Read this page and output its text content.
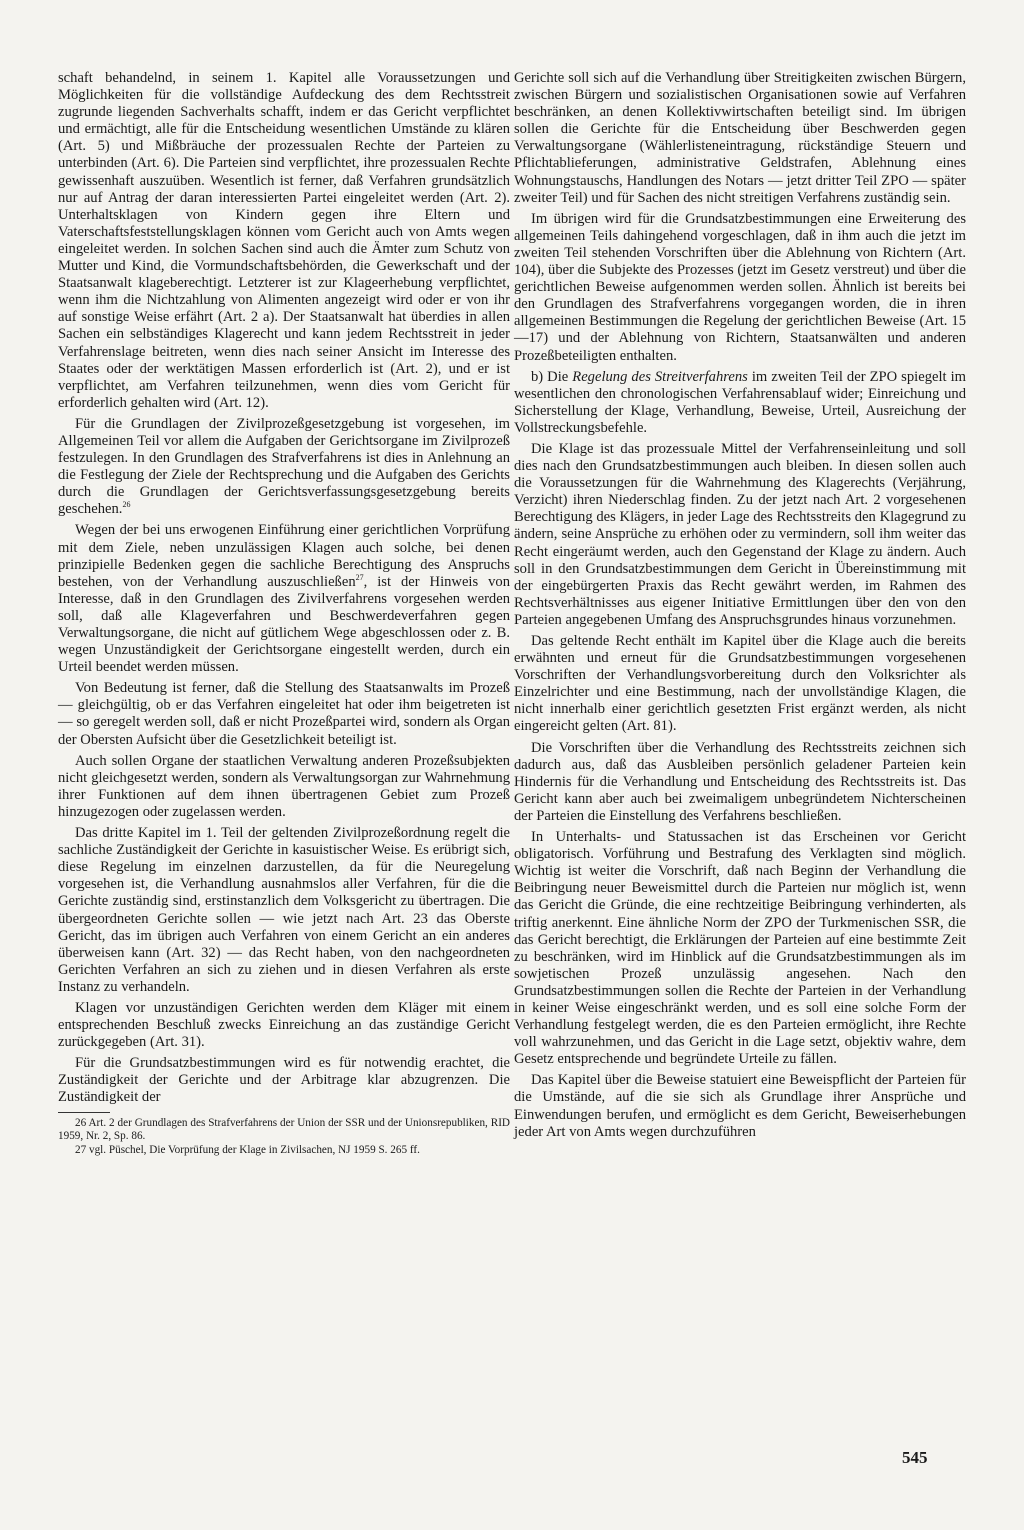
schaft behandelnd, in seinem 1. Kapitel alle Voraussetzungen und Möglichkeiten für die vollständige Aufdeckung des dem Rechtsstreit zugrunde liegenden Sachverhalts schafft, indem er das Gericht verpflichtet und ermächtigt, alle für die Entscheidung wesentlichen Umstände zu klären (Art. 5) und Mißbräuche der prozessualen Rechte der Parteien zu unterbinden (Art. 6). Die Parteien sind verpflichtet, ihre prozessualen Rechte gewissenhaft auszuüben. Wesentlich ist ferner, daß Verfahren grundsätzlich nur auf Antrag der daran interessierten Partei eingeleitet werden (Art. 2). Unterhaltsklagen von Kindern gegen ihre Eltern und Vaterschaftsfeststellungsklagen können vom Gericht auch von Amts wegen eingeleitet werden. In solchen Sachen sind auch die Ämter zum Schutz von Mutter und Kind, die Vormundschaftsbehörden, die Gewerkschaft und der Staatsanwalt klageberechtigt. Letzterer ist zur Klageerhebung verpflichtet, wenn ihm die Nichtzahlung von Alimenten angezeigt wird oder er von ihr auf sonstige Weise erfährt (Art. 2 a). Der Staatsanwalt hat überdies in allen Sachen ein selbständiges Klagerecht und kann jedem Rechtsstreit in jeder Verfahrenslage beitreten, wenn dies nach seiner Ansicht im Interesse des Staates oder der werktätigen Massen erforderlich ist (Art. 2), und er ist verpflichtet, am Verfahren teilzunehmen, wenn dies vom Gericht für erforderlich gehalten wird (Art. 12).

Für die Grundlagen der Zivilprozeßgesetzgebung ist vorgesehen, im Allgemeinen Teil vor allem die Aufgaben der Gerichtsorgane im Zivilprozeß festzulegen. In den Grundlagen des Strafverfahrens ist dies in Anlehnung an die Festlegung der Ziele der Rechtsprechung und die Aufgaben des Gerichts durch die Grundlagen der Gerichtsverfassungsgesetzgebung bereits geschehen.$^{26}$

Wegen der bei uns erwogenen Einführung einer gerichtlichen Vorprüfung mit dem Ziele, neben unzulässigen Klagen auch solche, bei denen prinzipielle Bedenken gegen die sachliche Berechtigung des Anspruchs bestehen, von der Verhandlung auszuschließen$^{27}$, ist der Hinweis von Interesse, daß in den Grundlagen des Zivilverfahrens vorgesehen werden soll, daß alle Klageverfahren und Beschwerdeverfahren gegen Verwaltungsorgane, die nicht auf gütlichem Wege abgeschlossen oder z. B. wegen Unzuständigkeit der Gerichtsorgane eingestellt werden, durch ein Urteil beendet werden müssen.

Von Bedeutung ist ferner, daß die Stellung des Staatsanwalts im Prozeß — gleichgültig, ob er das Verfahren eingeleitet hat oder ihm beigetreten ist — so geregelt werden soll, daß er nicht Prozeßpartei wird, sondern als Organ der Obersten Aufsicht über die Gesetzlichkeit beteiligt ist.

Auch sollen Organe der staatlichen Verwaltung anderen Prozeßsubjekten nicht gleichgesetzt werden, sondern als Verwaltungsorgan zur Wahrnehmung ihrer Funktionen auf dem ihnen übertragenen Gebiet zum Prozeß hinzugezogen oder zugelassen werden.

Das dritte Kapitel im 1. Teil der geltenden Zivilprozeßordnung regelt die sachliche Zuständigkeit der Gerichte in kasuistischer Weise. Es erübrigt sich, diese Regelung im einzelnen darzustellen, da für die Neuregelung vorgesehen ist, die Verhandlung ausnahmslos aller Verfahren, für die die Gerichte zuständig sind, erstinstanzlich dem Volksgericht zu übertragen. Die übergeordneten Gerichte sollen — wie jetzt nach Art. 23 das Oberste Gericht, das im übrigen auch Verfahren von einem Gericht an ein anderes überweisen kann (Art. 32) — das Recht haben, von den nachgeordneten Gerichten Verfahren an sich zu ziehen und in diesen Verfahren als erste Instanz zu verhandeln.

Klagen vor unzuständigen Gerichten werden dem Kläger mit einem entsprechenden Beschluß zwecks Einreichung an das zuständige Gericht zurückgegeben (Art. 31).

Für die Grundsatzbestimmungen wird es für notwendig erachtet, die Zuständigkeit der Gerichte und der Arbitrage klar abzugrenzen. Die Zuständigkeit der

26 Art. 2 der Grundlagen des Strafverfahrens der Union der SSR und der Unionsrepubliken, RID 1959, Nr. 2, Sp. 86.

27 vgl. Püschel, Die Vorprüfung der Klage in Zivilsachen, NJ 1959 S. 265 ff.

Gerichte soll sich auf die Verhandlung über Streitigkeiten zwischen Bürgern, zwischen Bürgern und sozialistischen Organisationen sowie auf Verfahren beschränken, an denen Kollektivwirtschaften beteiligt sind. Im übrigen sollen die Gerichte für die Entscheidung über Beschwerden gegen Verwaltungsorgane (Wählerlisteneintragung, rückständige Steuern und Pflichtablieferungen, administrative Geldstrafen, Ablehnung eines Wohnungstauschs, Handlungen des Notars — jetzt dritter Teil ZPO — später zweiter Teil) und für Sachen des nicht streitigen Verfahrens zuständig sein.

Im übrigen wird für die Grundsatzbestimmungen eine Erweiterung des allgemeinen Teils dahingehend vorgeschlagen, daß in ihm auch die jetzt im zweiten Teil stehenden Vorschriften über die Ablehnung von Richtern (Art. 104), über die Subjekte des Prozesses (jetzt im Gesetz verstreut) und über die gerichtlichen Beweise aufgenommen werden sollen. Ähnlich ist bereits bei den Grundlagen des Strafverfahrens vorgegangen worden, die in ihren allgemeinen Bestimmungen die Regelung der gerichtlichen Beweise (Art. 15—17) und der Ablehnung von Richtern, Staatsanwälten und anderen Prozeßbeteiligten enthalten.

b) Die Regelung des Streitverfahrens im zweiten Teil der ZPO spiegelt im wesentlichen den chronologischen Verfahrensablauf wider; Einreichung und Sicherstellung der Klage, Verhandlung, Beweise, Urteil, Ausreichung der Vollstreckungsbefehle.

Die Klage ist das prozessuale Mittel der Verfahrenseinleitung und soll dies nach den Grundsatzbestimmungen auch bleiben. In diesen sollen auch die Voraussetzungen für die Wahrnehmung des Klagerechts (Verjährung, Verzicht) ihren Niederschlag finden. Zu der jetzt nach Art. 2 vorgesehenen Berechtigung des Klägers, in jeder Lage des Rechtsstreits den Klagegrund zu ändern, seine Ansprüche zu erhöhen oder zu vermindern, soll ihm weiter das Recht eingeräumt werden, auch den Gegenstand der Klage zu ändern. Auch soll in den Grundsatzbestimmungen dem Gericht in Übereinstimmung mit der eingebürgerten Praxis das Recht gewährt werden, im Rahmen des Rechtsverhältnisses aus eigener Initiative Ermittlungen über den von den Parteien angegebenen Umfang des Anspruchsgrundes hinaus vorzunehmen.

Das geltende Recht enthält im Kapitel über die Klage auch die bereits erwähnten und erneut für die Grundsatzbestimmungen vorgesehenen Vorschriften der Verhandlungsvorbereitung durch den Volksrichter als Einzelrichter und eine Bestimmung, nach der unvollständige Klagen, die nicht innerhalb einer gerichtlich gesetzten Frist ergänzt werden, als nicht eingereicht gelten (Art. 81).

Die Vorschriften über die Verhandlung des Rechtsstreits zeichnen sich dadurch aus, daß das Ausbleiben persönlich geladener Parteien kein Hindernis für die Verhandlung und Entscheidung des Rechtsstreits ist. Das Gericht kann aber auch bei zweimaligem unbegründetem Nichterscheinen der Parteien die Einstellung des Verfahrens beschließen.

In Unterhalts- und Statussachen ist das Erscheinen vor Gericht obligatorisch. Vorführung und Bestrafung des Verklagten sind möglich. Wichtig ist weiter die Vorschrift, daß nach Beginn der Verhandlung die Beibringung neuer Beweismittel durch die Parteien nur möglich ist, wenn das Gericht die Gründe, die eine rechtzeitige Beibringung verhinderten, als triftig anerkennt. Eine ähnliche Norm der ZPO der Turkmenischen SSR, die das Gericht berechtigt, die Erklärungen der Parteien auf eine bestimmte Zeit zu beschränken, wird im Hinblick auf die Grundsatzbestimmungen als im sowjetischen Prozeß unzulässig angesehen. Nach den Grundsatzbestimmungen sollen die Rechte der Parteien in der Verhandlung in keiner Weise eingeschränkt werden, und es soll eine solche Form der Verhandlung festgelegt werden, die es den Parteien ermöglicht, ihre Rechte voll wahrzunehmen, und das Gericht in die Lage setzt, objektiv wahre, dem Gesetz entsprechende und begründete Urteile zu fällen.

Das Kapitel über die Beweise statuiert eine Beweispflicht der Parteien für die Umstände, auf die sie sich als Grundlage ihrer Ansprüche und Einwendungen berufen, und ermöglicht es dem Gericht, Beweiserhebungen jeder Art von Amts wegen durchzuführen

545
